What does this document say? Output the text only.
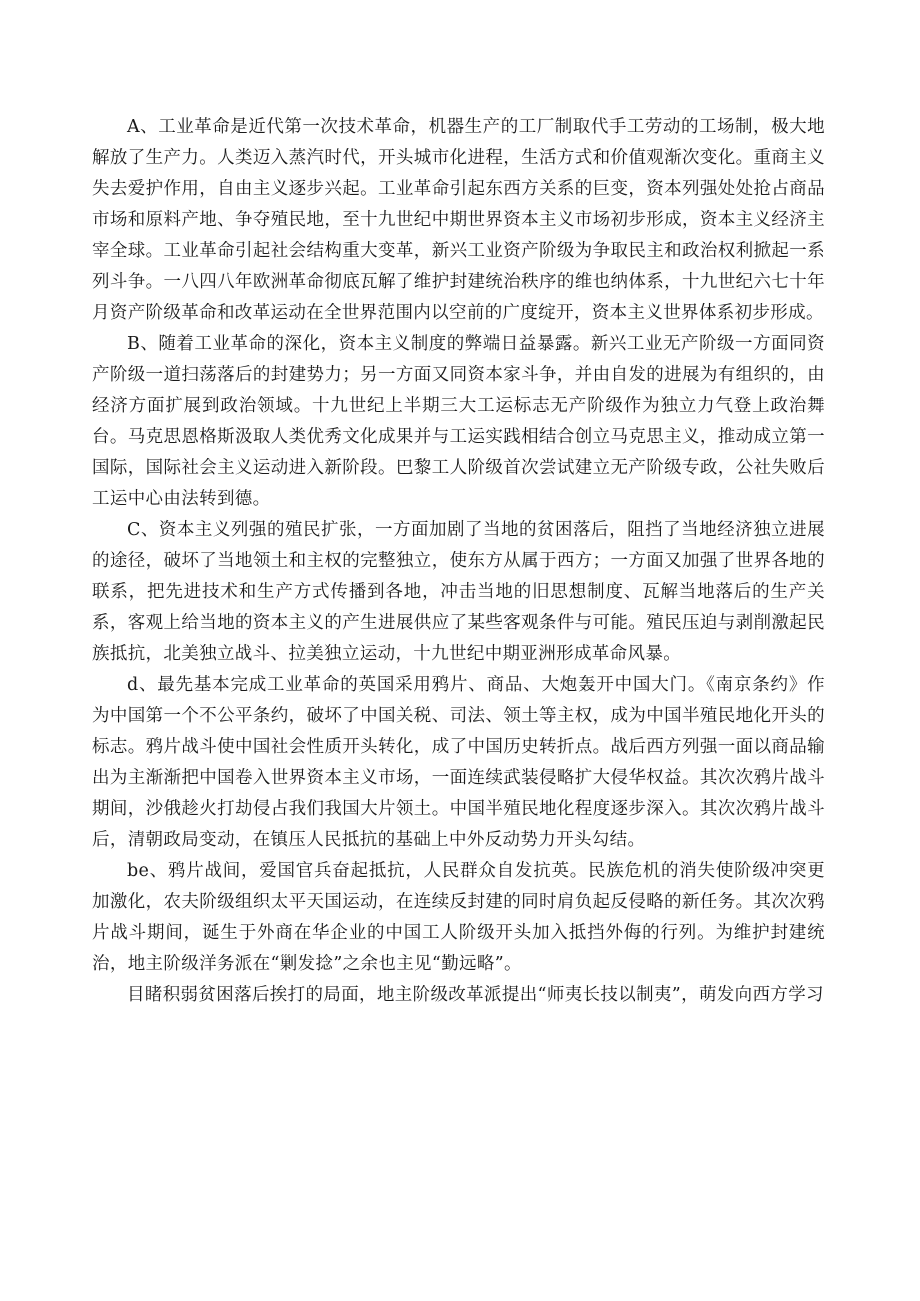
A、工业革命是近代第一次技术革命，机器生产的工厂制取代手工劳动的工场制，极大地解放了生产力。人类迈入蒸汽时代，开头城市化进程，生活方式和价值观渐次变化。重商主义失去爱护作用，自由主义逐步兴起。工业革命引起东西方关系的巨变，资本列强处处抢占商品市场和原料产地、争夺殖民地，至十九世纪中期世界资本主义市场初步形成，资本主义经济主宰全球。工业革命引起社会结构重大变革，新兴工业资产阶级为争取民主和政治权利掀起一系列斗争。一八四八年欧洲革命彻底瓦解了维护封建统治秩序的维也纳体系，十九世纪六七十年月资产阶级革命和改革运动在全世界范围内以空前的广度绽开，资本主义世界体系初步形成。

B、随着工业革命的深化，资本主义制度的弊端日益暴露。新兴工业无产阶级一方面同资产阶级一道扫荡落后的封建势力；另一方面又同资本家斗争，并由自发的进展为有组织的，由经济方面扩展到政治领域。十九世纪上半期三大工运标志无产阶级作为独立力气登上政治舞台。马克思恩格斯汲取人类优秀文化成果并与工运实践相结合创立马克思主义，推动成立第一国际，国际社会主义运动进入新阶段。巴黎工人阶级首次尝试建立无产阶级专政，公社失败后工运中心由法转到德。

C、资本主义列强的殖民扩张，一方面加剧了当地的贫困落后，阻挡了当地经济独立进展的途径，破坏了当地领土和主权的完整独立，使东方从属于西方；一方面又加强了世界各地的联系，把先进技术和生产方式传播到各地，冲击当地的旧思想制度、瓦解当地落后的生产关系，客观上给当地的资本主义的产生进展供应了某些客观条件与可能。殖民压迫与剥削激起民族抵抗，北美独立战斗、拉美独立运动，十九世纪中期亚洲形成革命风暴。

d、最先基本完成工业革命的英国采用鸦片、商品、大炮轰开中国大门。《南京条约》作为中国第一个不公平条约，破坏了中国关税、司法、领土等主权，成为中国半殖民地化开头的标志。鸦片战斗使中国社会性质开头转化，成了中国历史转折点。战后西方列强一面以商品输出为主渐渐把中国卷入世界资本主义市场，一面连续武装侵略扩大侵华权益。其次次鸦片战斗期间，沙俄趁火打劫侵占我们我国大片领土。中国半殖民地化程度逐步深入。其次次鸦片战斗后，清朝政局变动，在镇压人民抵抗的基础上中外反动势力开头勾结。

be、鸦片战间，爱国官兵奋起抵抗，人民群众自发抗英。民族危机的消失使阶级冲突更加激化，农夫阶级组织太平天国运动，在连续反封建的同时肩负起反侵略的新任务。其次次鸦片战斗期间，诞生于外商在华企业的中国工人阶级开头加入抵挡外侮的行列。为维护封建统治，地主阶级洋务派在“剿发捻”之余也主见“勤远略”。

目睹积弱贫困落后挨打的局面，地主阶级改革派提出“师夷长技以制夷”，萌发向西方学习
